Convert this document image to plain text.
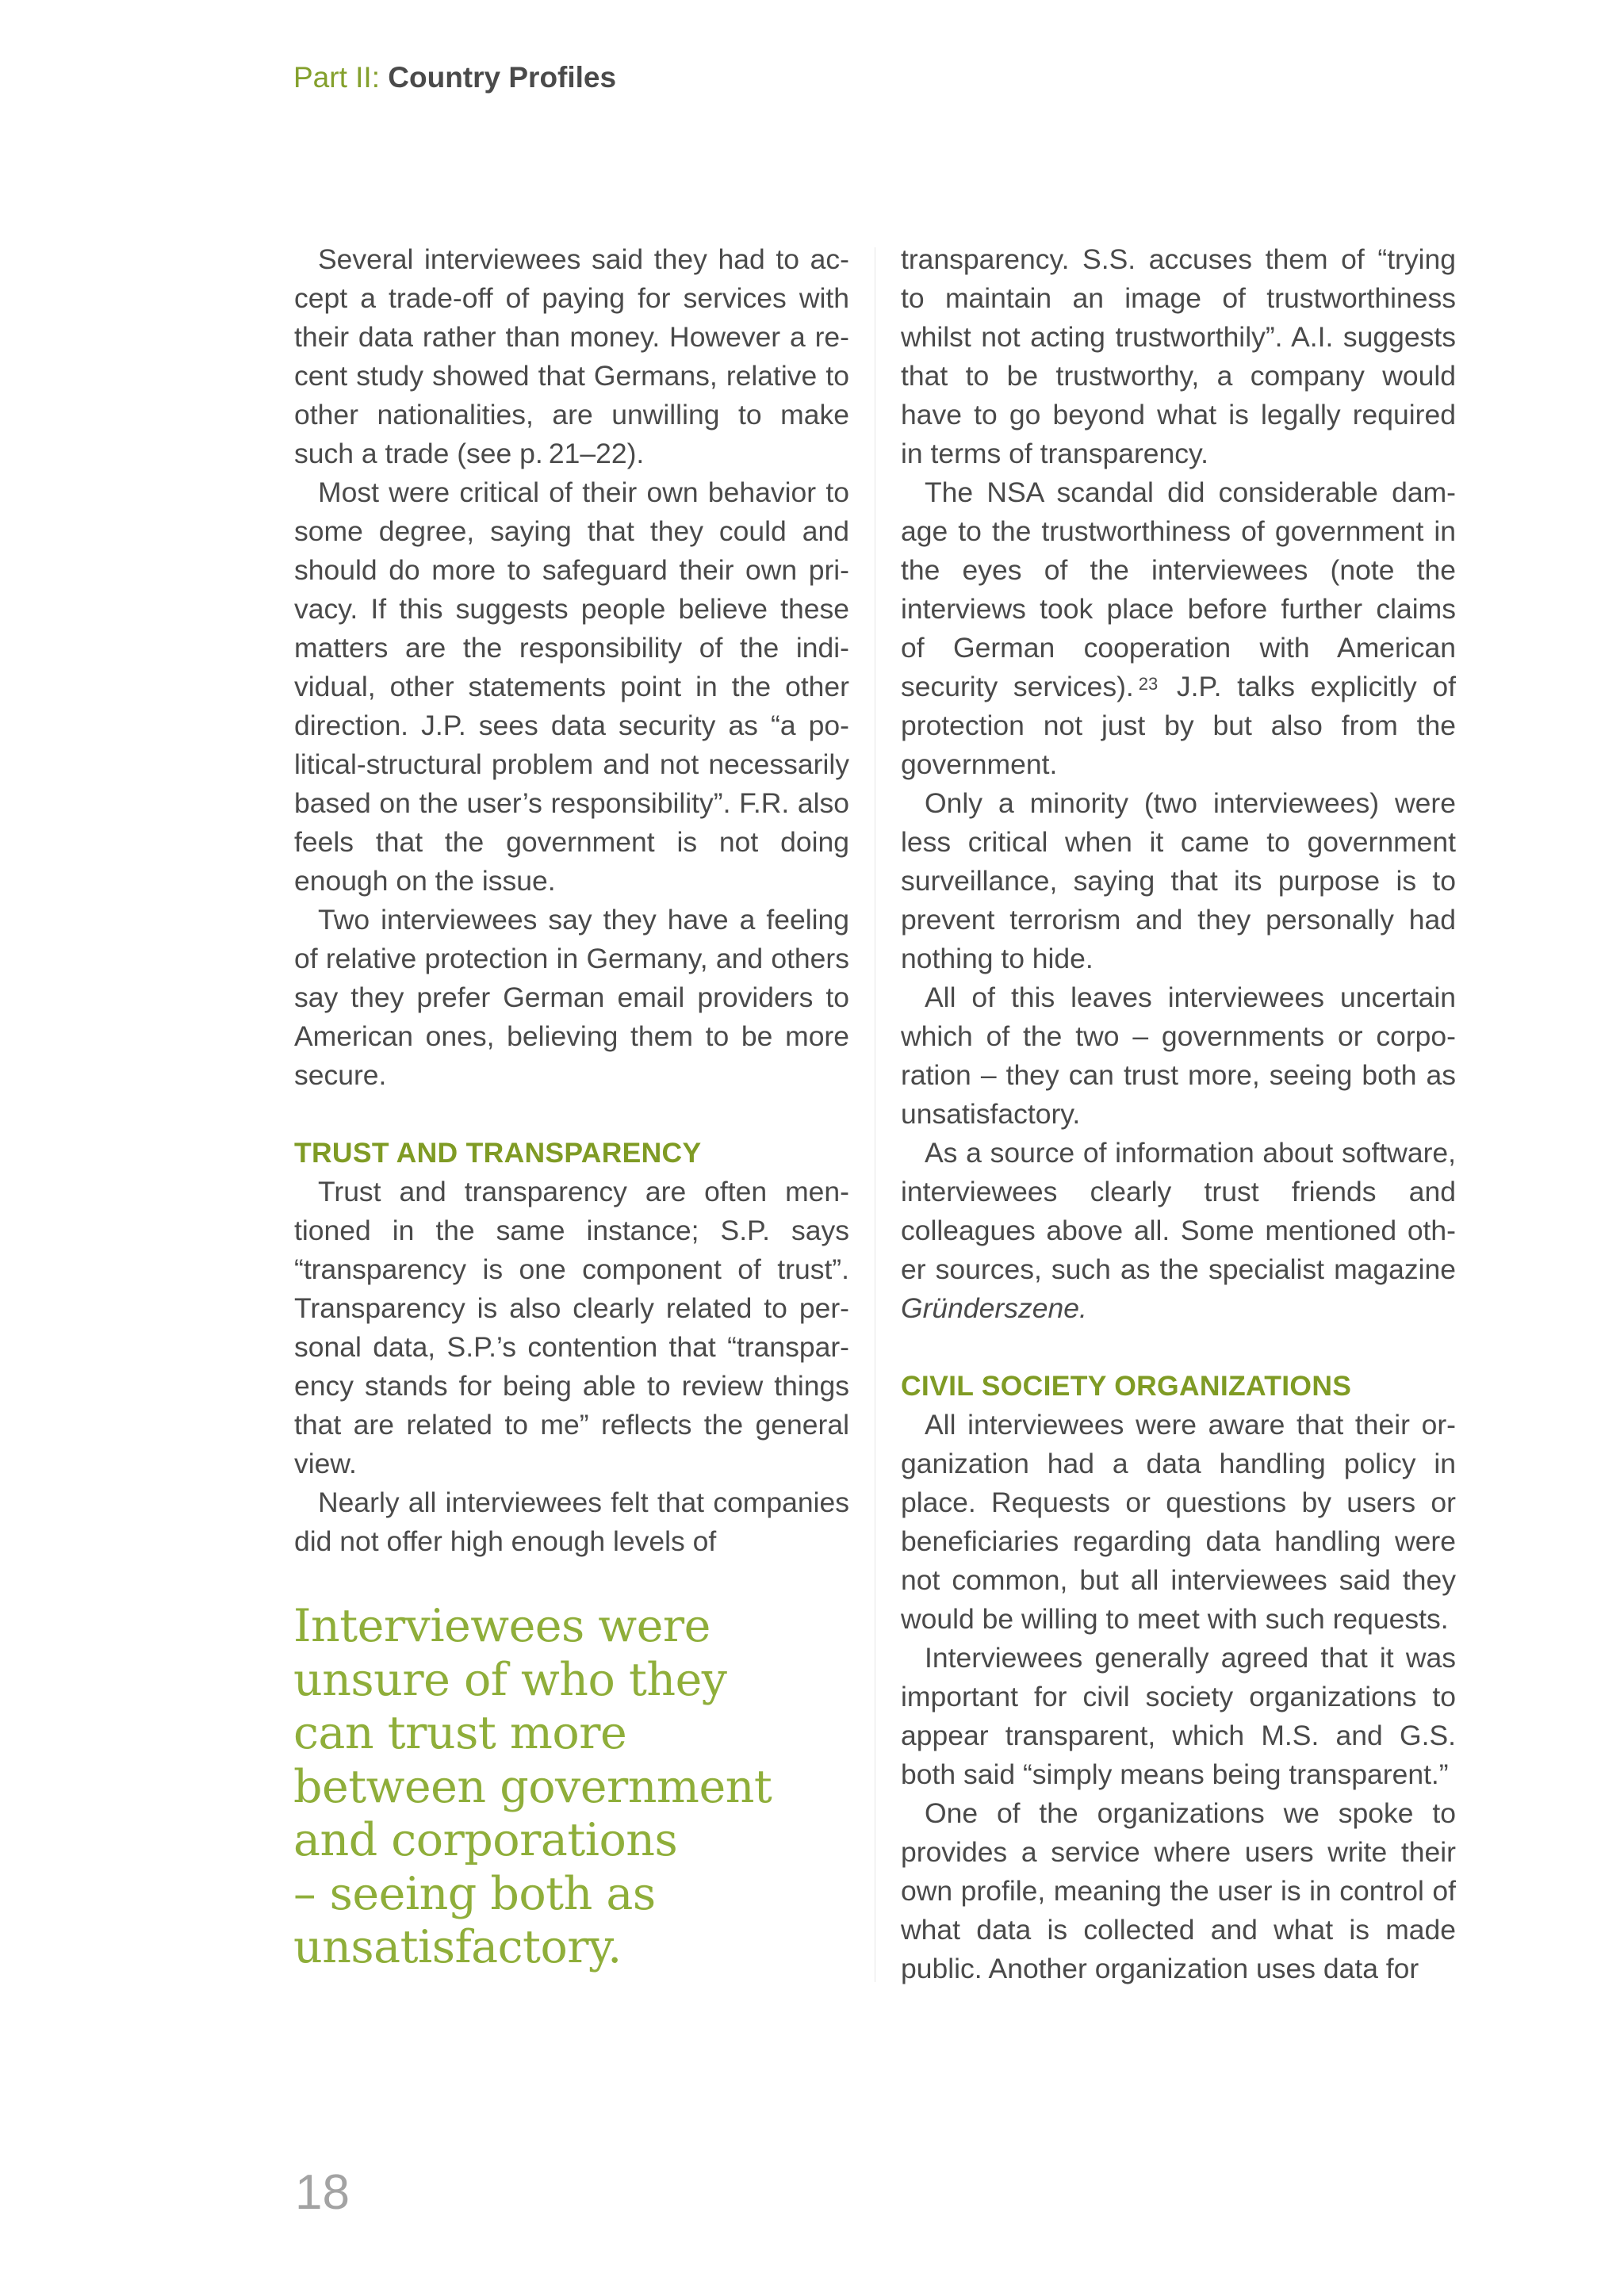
Part II: Country Profiles

Several interviewees said they had to accept a trade-off of paying for services with their data rather than money. However a recent study showed that Germans, relative to other nationalities, are unwilling to make such a trade (see p. 21–22).

Most were critical of their own behavior to some degree, saying that they could and should do more to safeguard their own privacy. If this suggests people believe these matters are the responsibility of the individual, other statements point in the other direction. J.P. sees data security as “a political-structural problem and not necessarily based on the user’s responsibility”. F.R. also feels that the government is not doing enough on the issue.

Two interviewees say they have a feeling of relative protection in Germany, and others say they prefer German email providers to American ones, believing them to be more secure.

TRUST AND TRANSPARENCY

Trust and transparency are often mentioned in the same instance; S.P. says “transparency is one component of trust”. Transparency is also clearly related to personal data, S.P.’s contention that “transparency stands for being able to review things that are related to me” reflects the general view.

Nearly all interviewees felt that companies did not offer high enough levels of

transparency. S.S. accuses them of “trying to maintain an image of trustworthiness whilst not acting trustworthily”. A.I. suggests that to be trustworthy, a company would have to go beyond what is legally required in terms of transparency.

The NSA scandal did considerable damage to the trustworthiness of government in the eyes of the interviewees (note the interviews took place before further claims of German cooperation with American security services). $^{23}$ J.P. talks explicitly of protection not just by but also from the government.

Only a minority (two interviewees) were less critical when it came to government surveillance, saying that its purpose is to prevent terrorism and they personally had nothing to hide.

All of this leaves interviewees uncertain which of the two – governments or corporation – they can trust more, seeing both as unsatisfactory.

As a source of information about software, interviewees clearly trust friends and colleagues above all. Some mentioned other sources, such as the specialist magazine Gründerszene.

CIVIL SOCIETY ORGANIZATIONS

All interviewees were aware that their organization had a data handling policy in place. Requests or questions by users or beneficiaries regarding data handling were not common, but all interviewees said they would be willing to meet with such requests.

Interviewees generally agreed that it was important for civil society organizations to appear transparent, which M.S. and G.S. both said “simply means being transparent.”

One of the organizations we spoke to provides a service where users write their own profile, meaning the user is in control of what data is collected and what is made public. Another organization uses data for

Interviewees were
unsure of who they
can trust more
between government
and corporations
– seeing both as
unsatisfactory.
18
